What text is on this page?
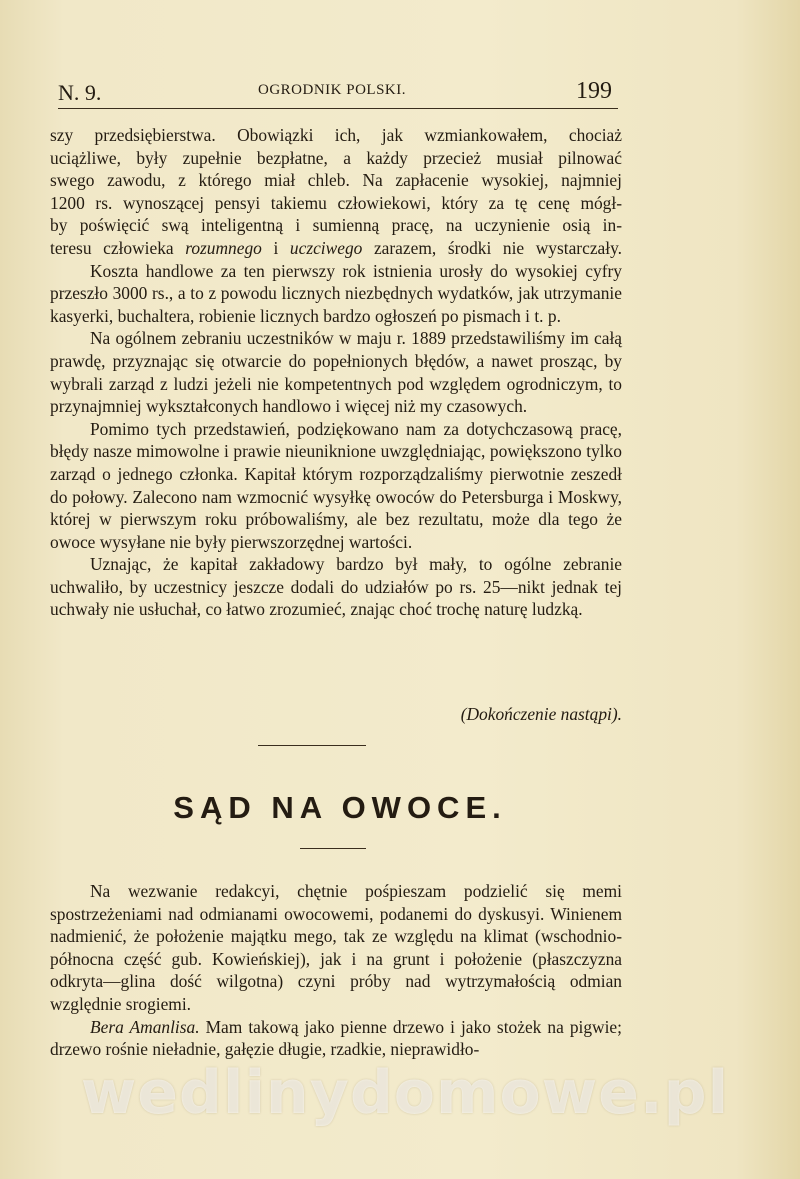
N. 9.	OGRODNIK POLSKI.	199

szy przedsiębierstwa. Obowiązki ich, jak wzmiankowałem, chociaż
uciążliwe, były zupełnie bezpłatne, a każdy przecież musiał pilnować
swego zawodu, z którego miał chleb. Na zapłacenie wysokiej, najmniej
1200 rs. wynoszącej pensyi takiemu człowiekowi, który za tę cenę mógł-
by poświęcić swą inteligentną i sumienną pracę, na uczynienie osią in-
teresu człowieka rozumnego i uczciwego zarazem, środki nie wystarczały.

Koszta handlowe za ten pierwszy rok istnienia urosły do wysokiej cyfry przeszło 3000 rs., a to z powodu licznych niezbędnych wydatków, jak utrzymanie kasyerki, buchaltera, robienie licznych bardzo ogłoszeń po pismach i t. p.

Na ogólnem zebraniu uczestników w maju r. 1889 przedstawiliśmy im całą prawdę, przyznając się otwarcie do popełnionych błędów, a nawet prosząc, by wybrali zarząd z ludzi jeżeli nie kompetentnych pod względem ogrodniczym, to przynajmniej wykształconych handlowo i więcej niż my czasowych.

Pomimo tych przedstawień, podziękowano nam za dotychczasową pracę, błędy nasze mimowolne i prawie nieuniknione uwzględniając, powiększono tylko zarząd o jednego członka. Kapitał którym rozporządzaliśmy pierwotnie zeszedł do połowy. Zalecono nam wzmocnić wysyłkę owoców do Petersburga i Moskwy, której w pierwszym roku próbowaliśmy, ale bez rezultatu, może dla tego że owoce wysyłane nie były pierwszorzędnej wartości.

Uznając, że kapitał zakładowy bardzo był mały, to ogólne zebranie uchwaliło, by uczestnicy jeszcze dodali do udziałów po rs. 25—nikt jednak tej uchwały nie usłuchał, co łatwo zrozumieć, znając choć trochę naturę ludzką.

(Dokończenie nastąpi).
SĄD NA OWOCE.

Na wezwanie redakcyi, chętnie pośpieszam podzielić się memi spostrzeżeniami nad odmianami owocowemi, podanemi do dyskusyi. Winienem nadmienić, że położenie majątku mego, tak ze względu na klimat (wschodnio-północna część gub. Kowieńskiej), jak i na grunt i położenie (płaszczyzna odkryta—glina dość wilgotna) czyni próby nad wytrzymałością odmian względnie srogiemi.

Bera Amanlisa. Mam takową jako pienne drzewo i jako stożek na pigwie; drzewo rośnie nieładnie, gałęzie długie, rzadkie, nieprawidło-

wedlinydomowe.pl
